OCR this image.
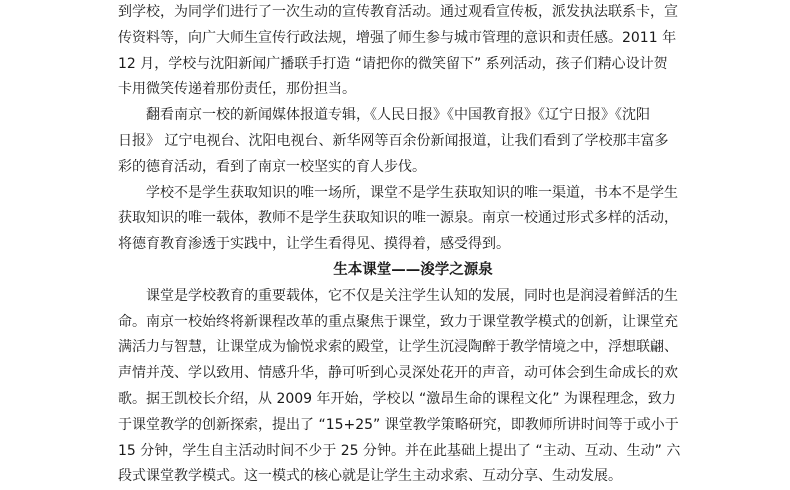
到学校，为同学们进行了一次生动的宣传教育活动。通过观看宣传板，派发执法联系卡，宣
传资料等，向广大师生宣传行政法规，增强了师生参与城市管理的意识和责任感。2011 年
12 月，学校与沈阳新闻广播联手打造 “请把你的微笑留下” 系列活动，孩子们精心设计贺
卡用微笑传递着那份责任，那份担当。

　　翻看南京一校的新闻媒体报道专辑，《人民日报》《中国教育报》《辽宁日报》《沈阳
日报》 辽宁电视台、沈阳电视台、新华网等百余份新闻报道，让我们看到了学校那丰富多
彩的德育活动，看到了南京一校坚实的育人步伐。

　　学校不是学生获取知识的唯一场所，课堂不是学生获取知识的唯一渠道，书本不是学生
获取知识的唯一载体，教师不是学生获取知识的唯一源泉。南京一校通过形式多样的活动，
将德育教育渗透于实践中，让学生看得见、摸得着，感受得到。

生本课堂——浚学之源泉

　　课堂是学校教育的重要载体，它不仅是关注学生认知的发展，同时也是润浸着鲜活的生
命。南京一校始终将新课程改革的重点聚焦于课堂，致力于课堂教学模式的创新，让课堂充
满活力与智慧，让课堂成为愉悦求索的殿堂，让学生沉浸陶醉于教学情境之中，浮想联翩、
声情并茂、学以致用、情感升华，静可听到心灵深处花开的声音，动可体会到生命成长的欢
歌。据王凯校长介绍，从 2009 年开始，学校以 “激昂生命的课程文化” 为课程理念，致力
于课堂教学的创新探索，提出了 “15+25” 课堂教学策略研究，即教师所讲时间等于或小于
15 分钟，学生自主活动时间不少于 25 分钟。并在此基础上提出了 “主动、互动、生动” 六
段式课堂教学模式。这一模式的核心就是让学生主动求索、互动分享、生动发展。
